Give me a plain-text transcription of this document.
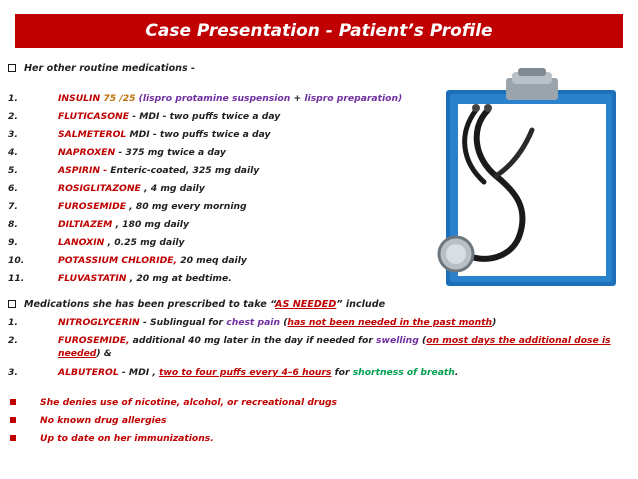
Case Presentation - Patient’s Profile
Her other routine medications -
1.	INSULIN 75 /25 (lispro protamine suspension + lispro preparation)
2.	FLUTICASONE - MDI - two puffs twice a day
3.	SALMETEROL MDI - two puffs twice a day
4.	NAPROXEN - 375 mg twice a day
5.	ASPIRIN - Enteric-coated, 325 mg daily
6.	ROSIGLITAZONE , 4 mg daily
7.	FUROSEMIDE , 80 mg every morning
8.	DILTIAZEM , 180 mg daily
9.	LANOXIN , 0.25 mg daily
10.	POTASSIUM CHLORIDE, 20 meq daily
11.	FLUVASTATIN , 20 mg at bedtime.
Medications she has been prescribed to take “AS NEEDED” include
1.	NITROGLYCERIN - Sublingual for chest pain (has not been needed in the past month)
2.	FUROSEMIDE, additional 40 mg later in the day if needed for swelling (on most days the additional dose is needed) &
3.	ALBUTEROL - MDI , two to four puffs every 4–6 hours for shortness of breath.
She denies use of nicotine, alcohol, or recreational drugs
No known drug allergies
Up to date on her immunizations.
